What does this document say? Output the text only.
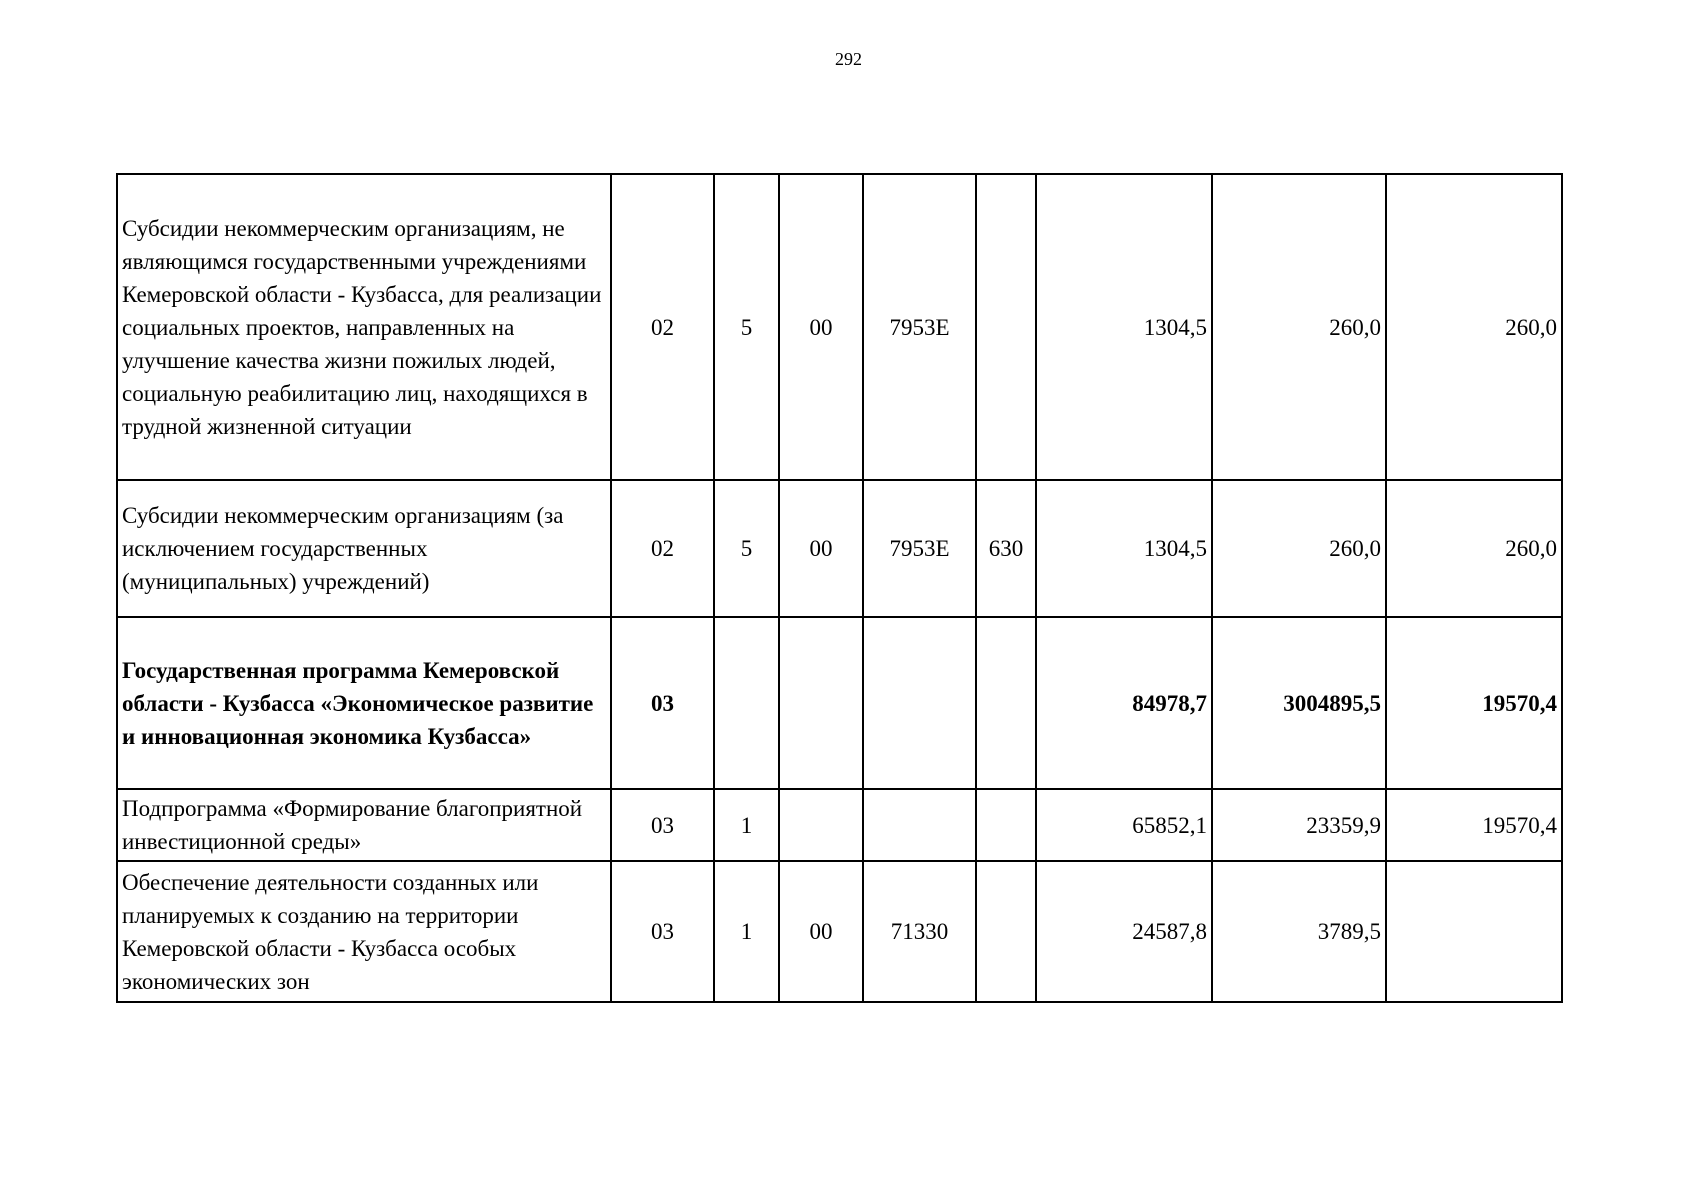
292
Субсидии некоммерческим организациям, не являющимся государственными учреждениями Кемеровской области - Кузбасса, для реализации социальных проектов, направленных на улучшение качества жизни пожилых людей, социальную реабилитацию лиц, находящихся в трудной жизненной ситуации	02	5	00	7953E		1304,5	260,0	260,0
Субсидии некоммерческим организациям (за исключением государственных (муниципальных) учреждений)	02	5	00	7953E	630	1304,5	260,0	260,0
Государственная программа Кемеровской области - Кузбасса «Экономическое развитие и инновационная экономика Кузбасса»	03					84978,7	3004895,5	19570,4
Подпрограмма «Формирование благоприятной инвестиционной среды»	03	1				65852,1	23359,9	19570,4
Обеспечение деятельности созданных или планируемых к созданию на территории Кемеровской области - Кузбасса особых экономических зон	03	1	00	71330		24587,8	3789,5	
